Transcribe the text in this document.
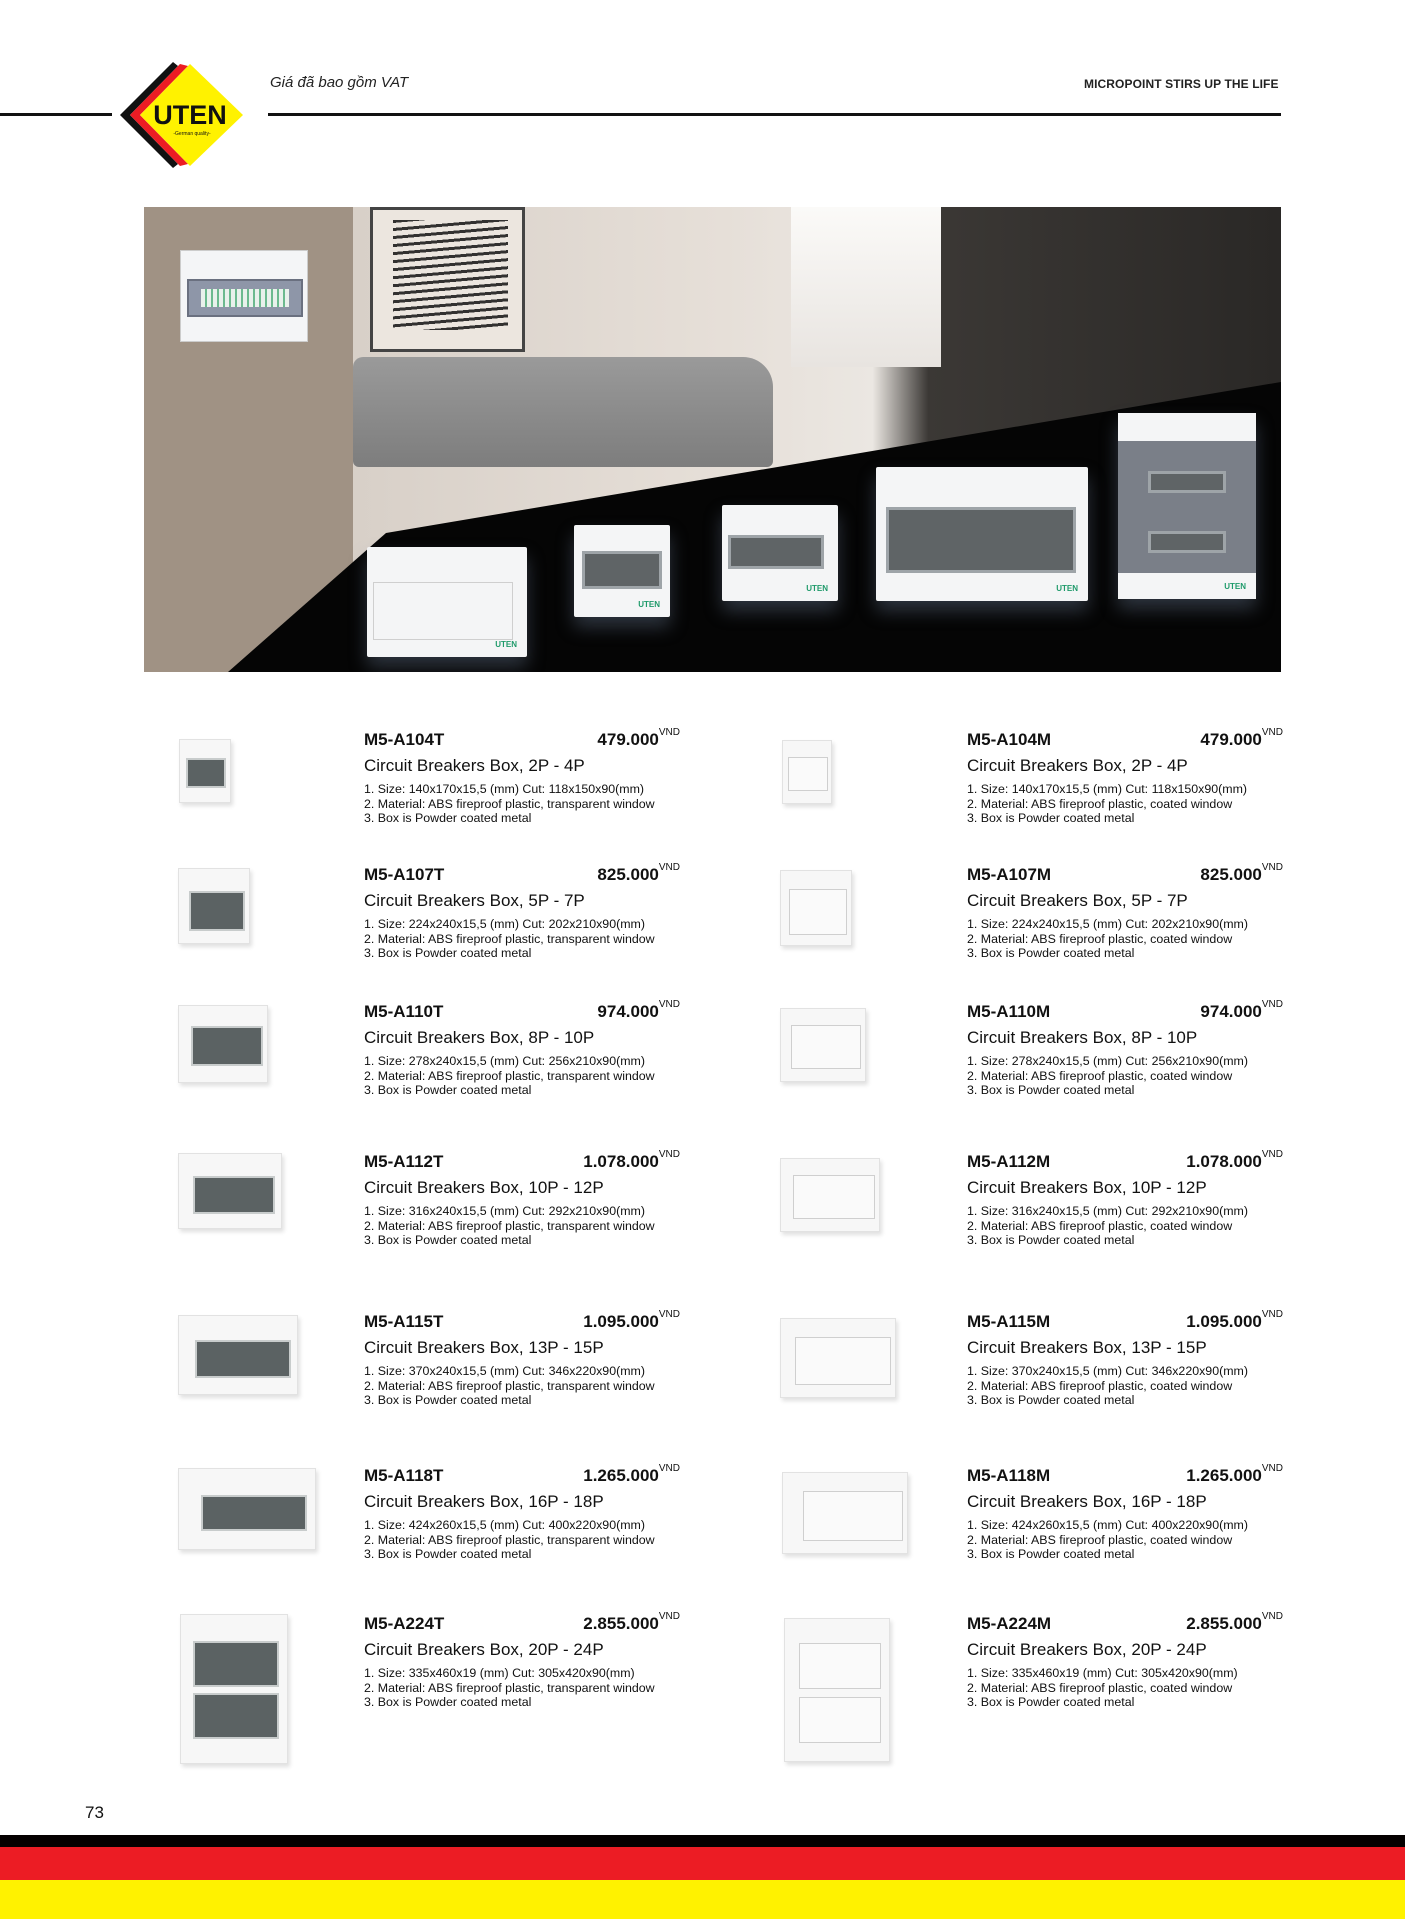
UTEN
-German quality-
Giá đã bao gồm VAT	MICROPOINT STIRS UP THE LIFE
UTEN
UTEN
UTEN	UTEN	UTEN
M5-A104T	$479.000^{VND}$
Circuit Breakers Box, 2P - 4P
1. Size: 140x170x15,5 (mm) Cut: 118x150x90(mm)
2. Material: ABS fireproof plastic, transparent window
3. Box is Powder coated metal
M5-A107T	$825.000^{VND}$
Circuit Breakers Box, 5P - 7P
1. Size: 224x240x15,5 (mm) Cut: 202x210x90(mm)
2. Material: ABS fireproof plastic, transparent window
3. Box is Powder coated metal
M5-A110T	$974.000^{VND}$
Circuit Breakers Box, 8P - 10P
1. Size: 278x240x15,5 (mm) Cut: 256x210x90(mm)
2. Material: ABS fireproof plastic, transparent window
3. Box is Powder coated metal
M5-A112T	$1.078.000^{VND}$
Circuit Breakers Box, 10P - 12P
1. Size: 316x240x15,5 (mm) Cut: 292x210x90(mm)
2. Material: ABS fireproof plastic, transparent window
3. Box is Powder coated metal
M5-A115T	$1.095.000^{VND}$
Circuit Breakers Box, 13P - 15P
1. Size: 370x240x15,5 (mm) Cut: 346x220x90(mm)
2. Material: ABS fireproof plastic, transparent window
3. Box is Powder coated metal
M5-A118T	$1.265.000^{VND}$
Circuit Breakers Box, 16P - 18P
1. Size: 424x260x15,5 (mm) Cut: 400x220x90(mm)
2. Material: ABS fireproof plastic, transparent window
3. Box is Powder coated metal
M5-A224T	$2.855.000^{VND}$
Circuit Breakers Box, 20P - 24P
1. Size: 335x460x19 (mm) Cut: 305x420x90(mm)
2. Material: ABS fireproof plastic, transparent window
3. Box is Powder coated metal
M5-A104M	$479.000^{VND}$
Circuit Breakers Box, 2P - 4P
1. Size: 140x170x15,5 (mm) Cut: 118x150x90(mm)
2. Material: ABS fireproof plastic, coated window
3. Box is Powder coated metal
M5-A107M	$825.000^{VND}$
Circuit Breakers Box, 5P - 7P
1. Size: 224x240x15,5 (mm) Cut: 202x210x90(mm)
2. Material: ABS fireproof plastic, coated window
3. Box is Powder coated metal
M5-A110M	$974.000^{VND}$
Circuit Breakers Box, 8P - 10P
1. Size: 278x240x15,5 (mm) Cut: 256x210x90(mm)
2. Material: ABS fireproof plastic, coated window
3. Box is Powder coated metal
M5-A112M	$1.078.000^{VND}$
Circuit Breakers Box, 10P - 12P
1. Size: 316x240x15,5 (mm) Cut: 292x210x90(mm)
2. Material: ABS fireproof plastic, coated window
3. Box is Powder coated metal
M5-A115M	$1.095.000^{VND}$
Circuit Breakers Box, 13P - 15P
1. Size: 370x240x15,5 (mm) Cut: 346x220x90(mm)
2. Material: ABS fireproof plastic, coated window
3. Box is Powder coated metal
M5-A118M	$1.265.000^{VND}$
Circuit Breakers Box, 16P - 18P
1. Size: 424x260x15,5 (mm) Cut: 400x220x90(mm)
2. Material: ABS fireproof plastic, coated window
3. Box is Powder coated metal
M5-A224M	$2.855.000^{VND}$
Circuit Breakers Box, 20P - 24P
1. Size: 335x460x19 (mm) Cut: 305x420x90(mm)
2. Material: ABS fireproof plastic, coated window
3. Box is Powder coated metal
73
